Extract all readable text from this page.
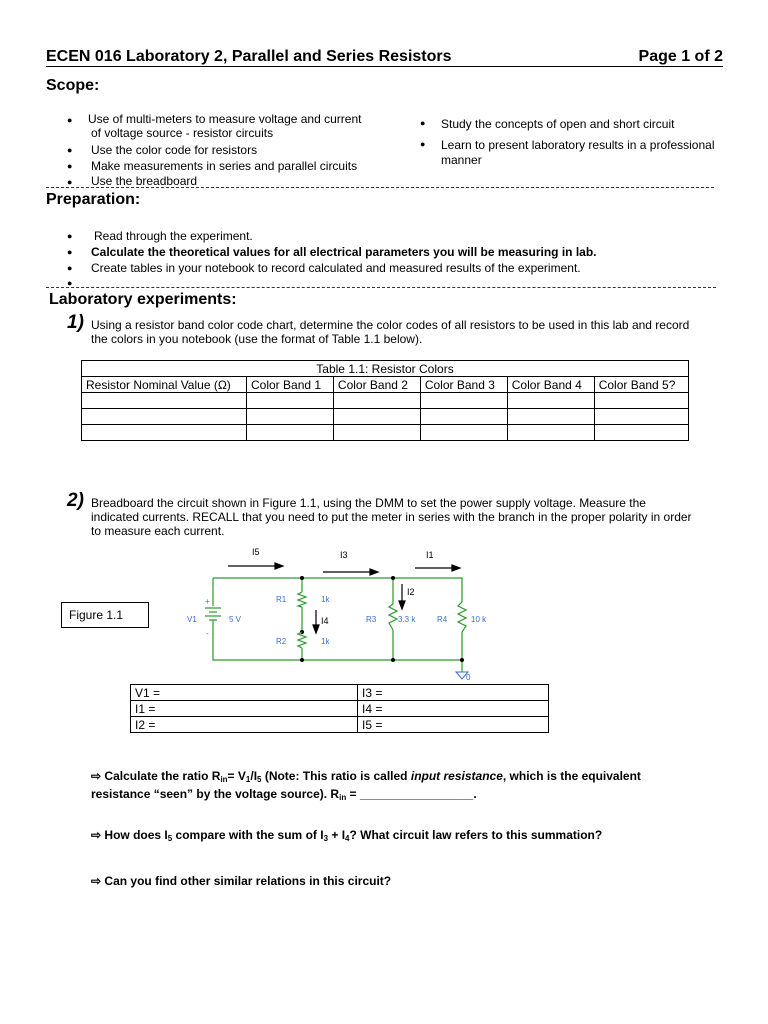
ECEN 016 Laboratory 2, Parallel and Series Resistors	Page 1 of 2
Scope:
● Use of multi-meters to measure voltage and current
of voltage source - resistor circuits
● Use the color code for resistors
● Make measurements in series and parallel circuits
● Use the breadboard
● Study the concepts of open and short circuit
● Learn to present laboratory results in a professional
manner
Preparation:
● Read through the experiment.
● Calculate the theoretical values for all electrical parameters you will be measuring in lab.
● Create tables in your notebook to record calculated and measured results of the experiment.
●
Laboratory experiments:
1) Using a resistor band color code chart, determine the color codes of all resistors to be used in this lab and record
the colors in you notebook (use the format of Table 1.1 below).
Table 1.1: Resistor Colors					
Resistor Nominal Value (Ω)	Color Band 1	Color Band 2	Color Band 3	Color Band 4	Color Band 5?

2) Breadboard the circuit shown in Figure 1.1, using the DMM to set the power supply voltage. Measure the
indicated currents. RECALL that you need to put the meter in series with the branch in the proper polarity in order
to measure each current.
Figure 1.1
I5	I3	I1
I2
I4
V1	5 V
+
-
R1	1k
R2	1k
R3	3.3 k	R4	10 k
0
V1 =	I3 =
I1 =	I4 =
I2 =	I5 =
⇨ Calculate the ratio $R_{in}= V_1/I_5$ (Note: This ratio is called input resistance, which is the equivalent
resistance “seen” by the voltage source). $R_{in}$ = _________________.
⇨ How does $I_5$ compare with the sum of $I_3 + I_4$? What circuit law refers to this summation?
⇨ Can you find other similar relations in this circuit?
